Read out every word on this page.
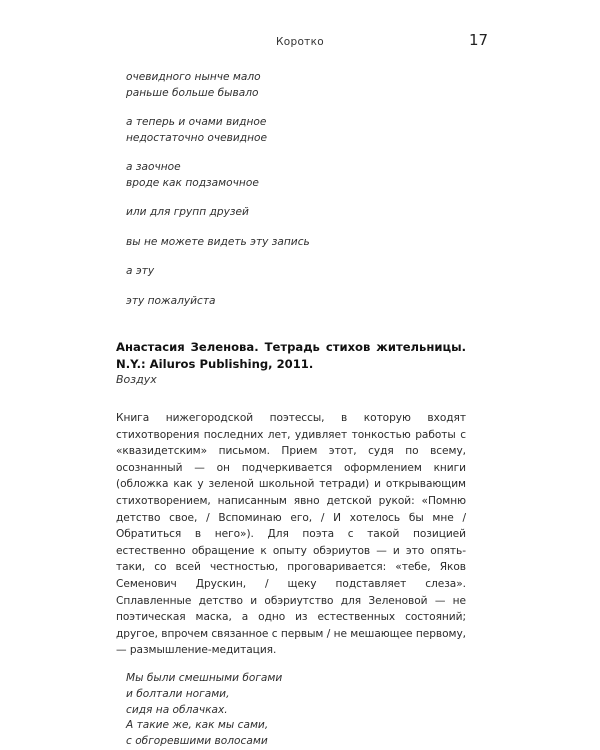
Коротко	17
очевидного нынче мало
раньше больше бывало
а теперь и очами видное
недостаточно очевидное
а заочное
вроде как подзамочное
или для групп друзей
вы не можете видеть эту запись
а эту
эту пожалуйста
Анастасия Зеленова. Тетрадь стихов жительницы. N.Y.: Ailuros Publishing, 2011.
Воздух
Книга нижегородской поэтессы, в которую входят стихотворения последних лет, удивляет тонкостью работы с «квазидетским» письмом. Прием этот, судя по всему, осознанный — он подчеркивается оформлением книги (обложка как у зеленой школьной тетради) и открывающим стихотворением, написанным явно детской рукой: «Помню детство свое, / Вспоминаю его, / И хотелось бы мне / Обратиться в него»). Для поэта с такой позицией естественно обращение к опыту обэриутов — и это опять-таки, со всей честностью, проговаривается: «тебе, Яков Семенович Друскин, / щеку подставляет слеза». Сплавленные детство и обэриутство для Зеленовой — не поэтическая маска, а одно из естественных состояний; другое, впрочем связанное с первым / не мешающее первому, — размышление-медитация.
Мы были смешными богами
и болтали ногами,
сидя на облачках.
А такие же, как мы сами,
с обгоревшими волосами
